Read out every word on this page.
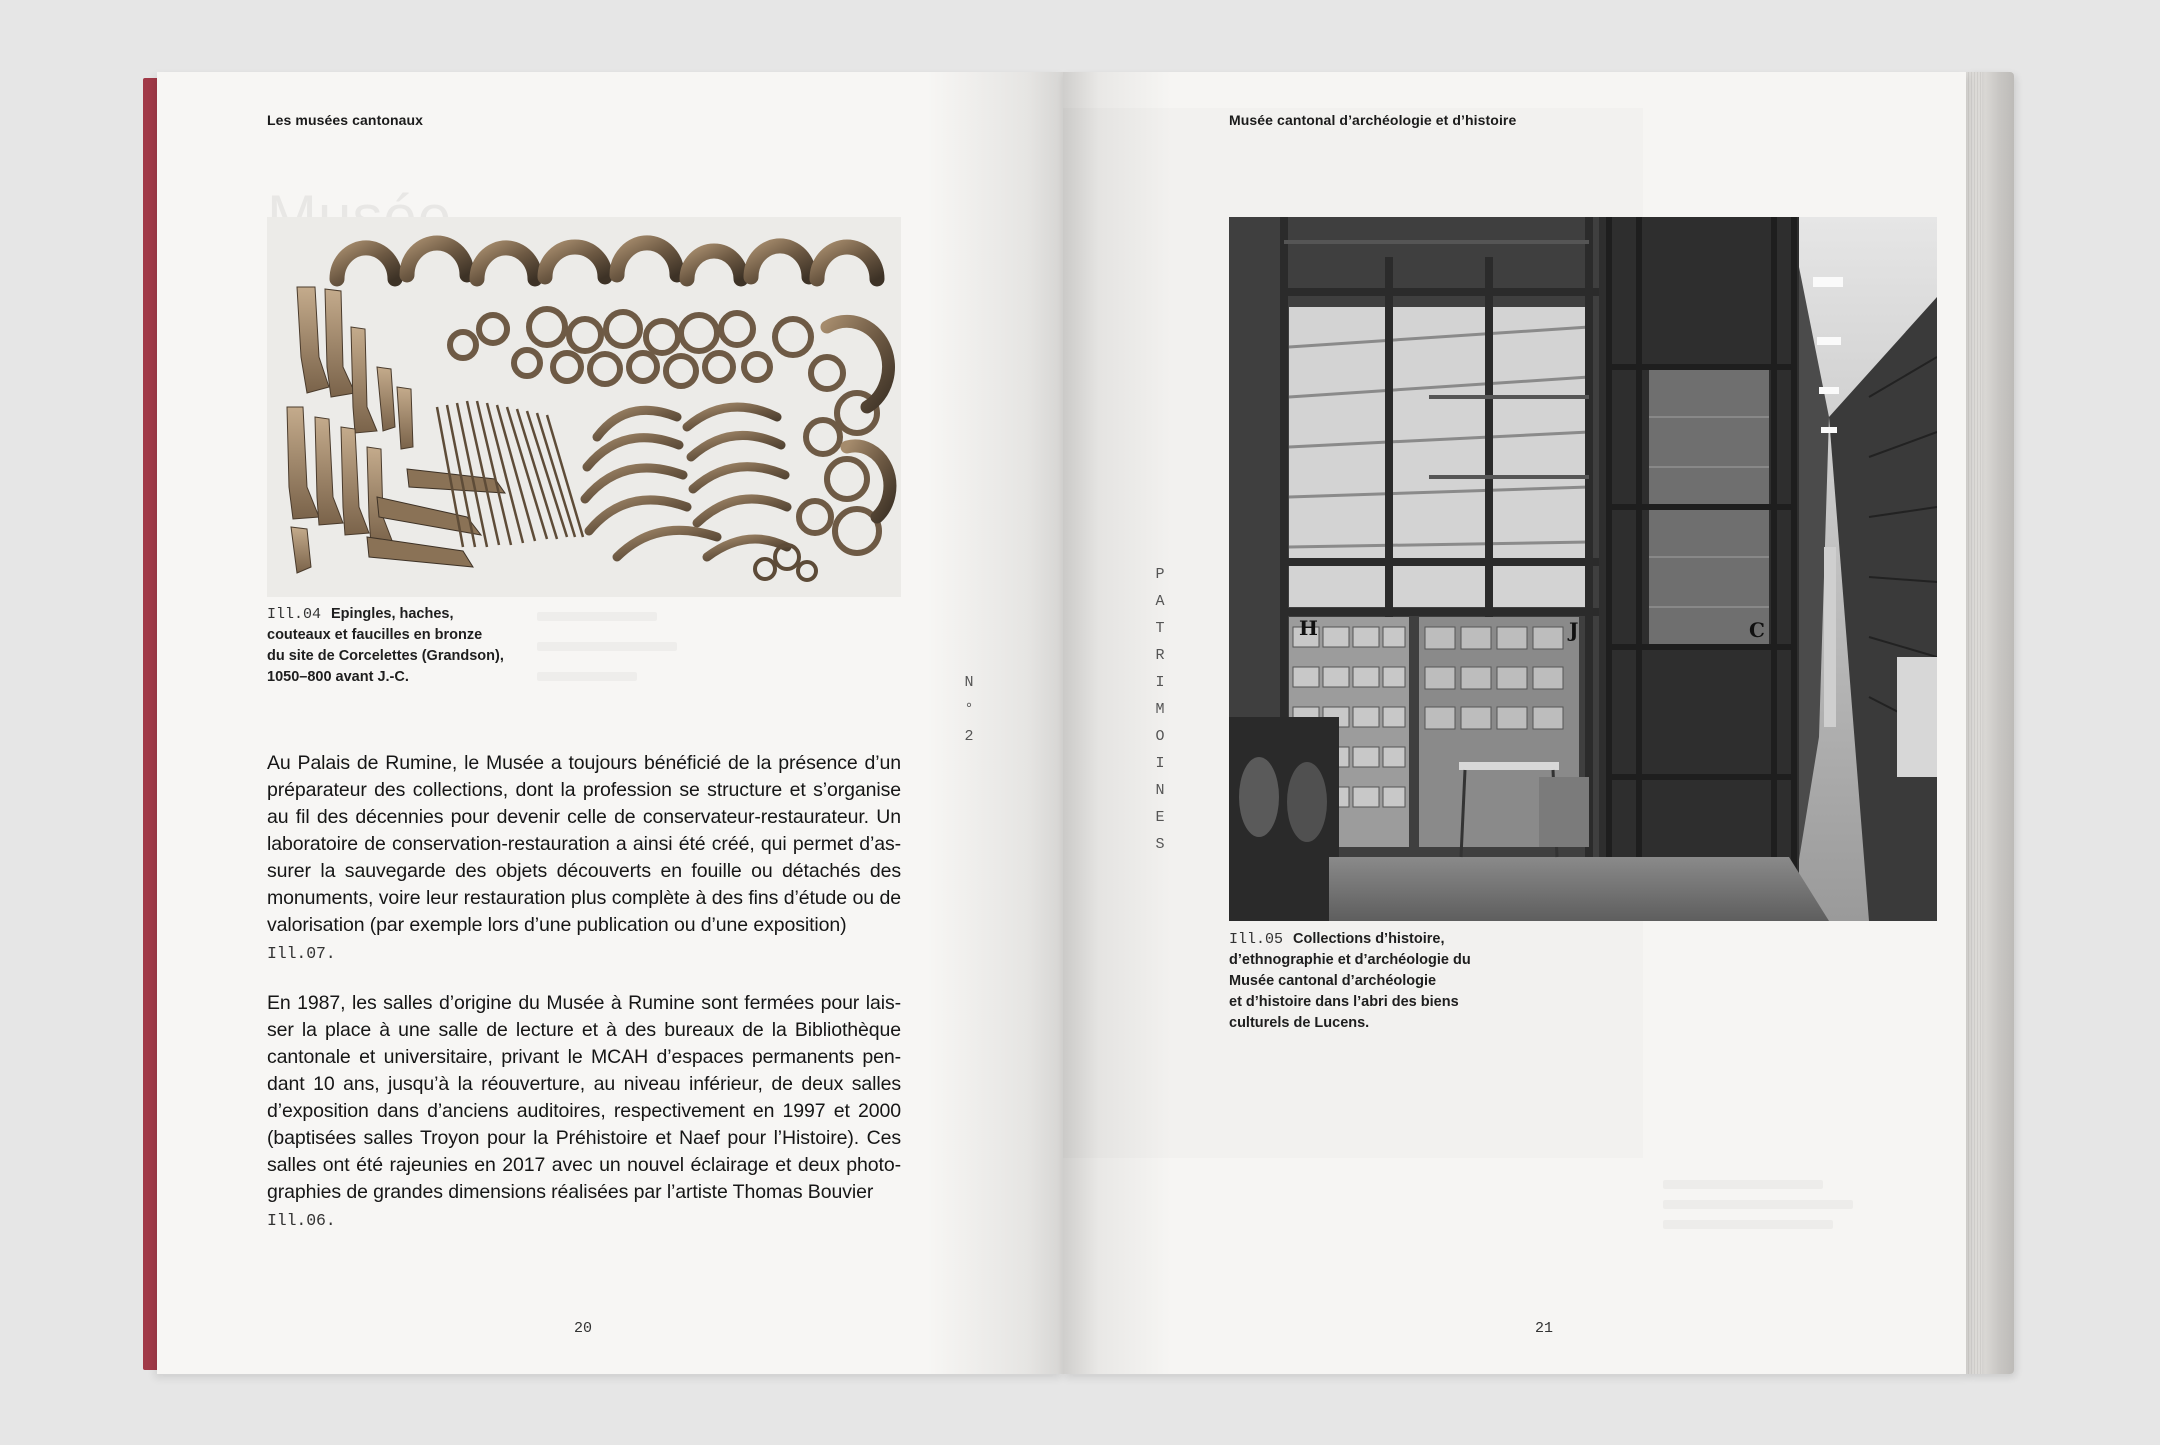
Les musées cantonaux
Ill.04 Epingles, haches,
couteaux et faucilles en bronze
du site de Corcelettes (Grandson),
1050–800 avant J.-C.	N
°
2

Au Palais de Rumine, le Musée a toujours bénéficié de la présence d’un préparateur des collections, dont la profession se structure et s’organise au fil des décennies pour devenir celle de conservateur-restaurateur. Un laboratoire de conservation-restauration a ainsi été créé, qui permet d’as- surer la sauvegarde des objets découverts en fouille ou détachés des monuments, voire leur restauration plus complète à des fins d’étude ou de valorisation (par exemple lors d’une publication ou d’une exposition)

Ill.07.

En 1987, les salles d’origine du Musée à Rumine sont fermées pour lais- ser la place à une salle de lecture et à des bureaux de la Bibliothèque cantonale et universitaire, privant le MCAH d’espaces permanents pen- dant 10 ans, jusqu’à la réouverture, au niveau inférieur, de deux salles d’exposition dans d’anciens auditoires, respectivement en 1997 et 2000 (baptisées salles Troyon pour la Préhistoire et Naef pour l’Histoire). Ces salles ont été rajeunies en 2017 avec un nouvel éclairage et deux photo- graphies de grandes dimensions réalisées par l’artiste Thomas Bouvier

Ill.06.
20
Musée cantonal d’archéologie et d’histoire
P
A
T
R
I
M
O
I
N
E
S
H	J	C
Ill.05 Collections d’histoire,
d’ethnographie et d’archéologie du
Musée cantonal d’archéologie
et d’histoire dans l’abri des biens
culturels de Lucens.
21
